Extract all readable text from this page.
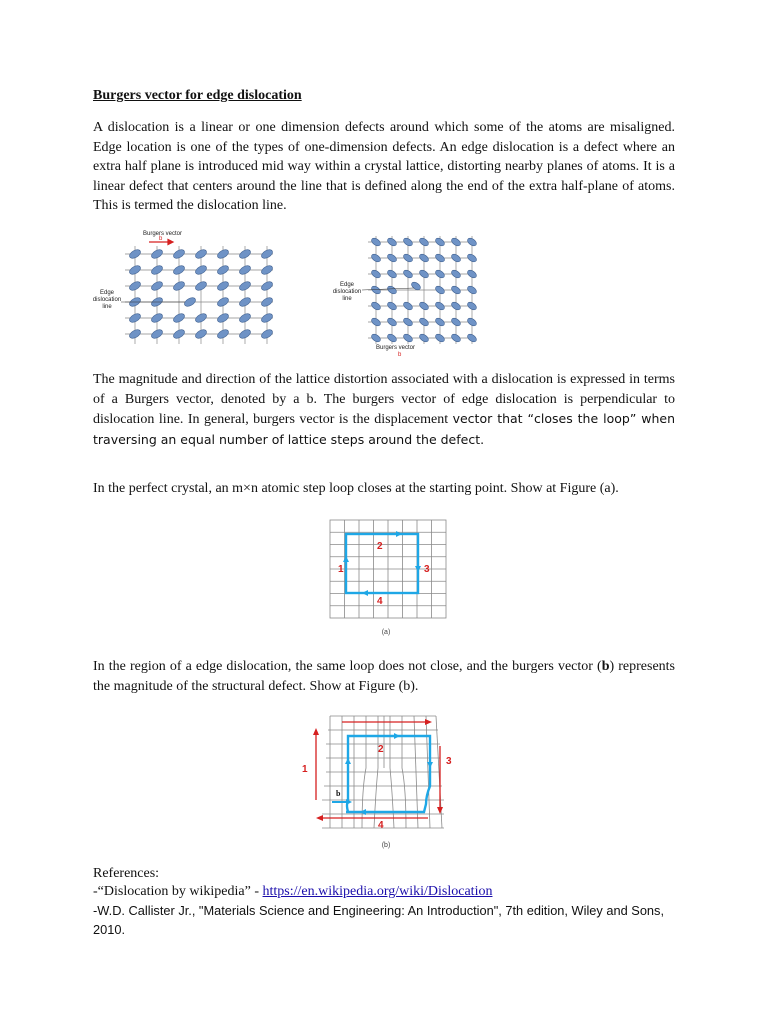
Burgers vector for edge dislocation

A dislocation is a linear or one dimension defects around which some of the atoms are misaligned. Edge location is one of the types of one-dimension defects. An edge dislocation is a defect where an extra half plane is introduced mid way within a crystal lattice, distorting nearby planes of atoms. It is a linear defect that centers around the line that is defined along the end of the extra half-plane of atoms. This is termed the dislocation line.

Burgers vector
b
Edge
dislocation
line
Edge
dislocation
line
Burgers vector
b

The magnitude and direction of the lattice distortion associated with a dislocation is expressed in terms of a Burgers vector, denoted by a b. The burgers vector of edge dislocation is perpendicular to dislocation line. In general, burgers vector is the displacement vector that “closes the loop” when traversing an equal number of lattice steps around the defect.

In the perfect crystal, an m×n atomic step loop closes at the starting point. Show at Figure (a).

1
2
3
4
(a)

In the region of a edge dislocation, the same loop does not close, and the burgers vector (b) represents the magnitude of the structural defect. Show at Figure (b).

b
1
2
3
4
(b)
References:
-“Dislocation by wikipedia” - https://en.wikipedia.org/wiki/Dislocation
-W.D. Callister Jr., "Materials Science and Engineering: An Introduction", 7th edition, Wiley and Sons, 2010.
